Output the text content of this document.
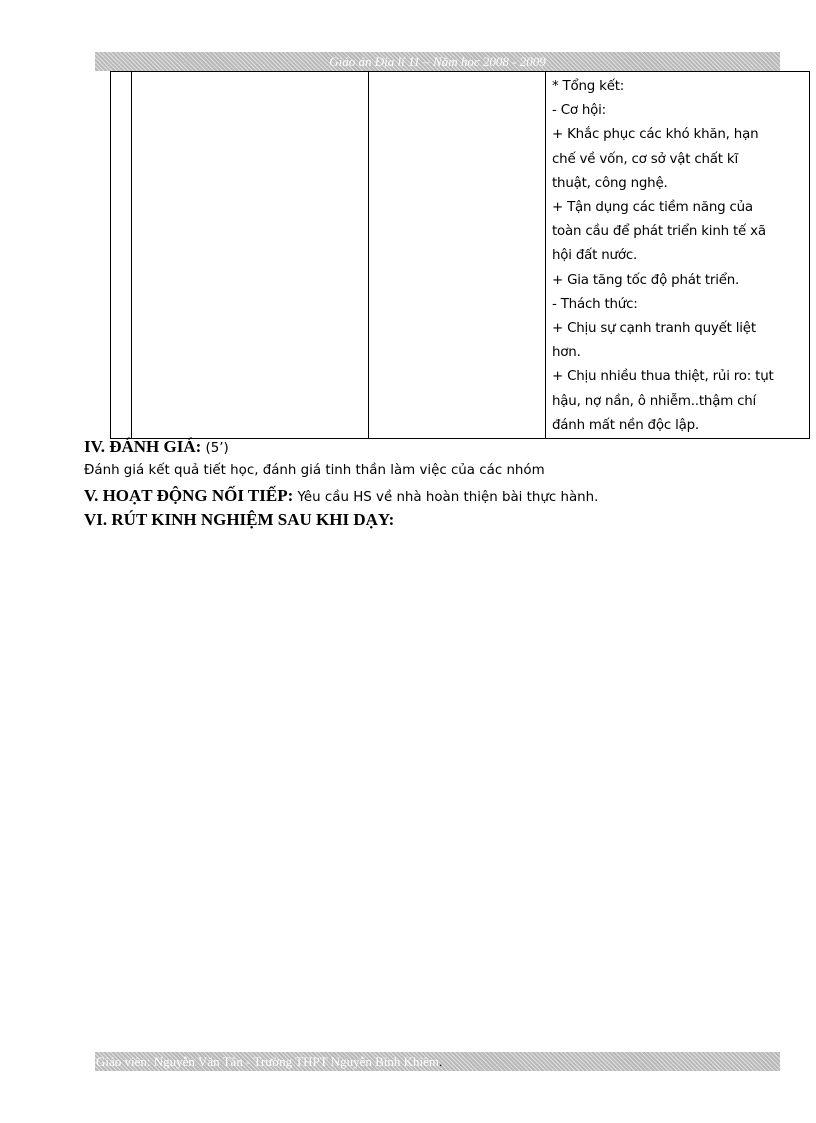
Giáo án Địa lí 11 – Năm học 2008 - 2009

* Tổng kết:
- Cơ hội:
+ Khắc phục các khó khăn, hạn
chế về vốn, cơ sở vật chất kĩ
thuật, công nghệ.
+ Tận dụng các tiềm năng của
toàn cầu để phát triển kinh tế xã
hội đất nước.
+ Gia tăng tốc độ phát triển.
- Thách thức:
+ Chịu sự cạnh tranh quyết liệt
hơn.
+ Chịu nhiều thua thiệt, rủi ro: tụt
hậu, nợ nần, ô nhiễm..thậm chí
đánh mất nền độc lập.
IV. ĐÁNH GIÁ: (5’)
Đánh giá kết quả tiết học, đánh giá tinh thần làm việc của các nhóm
V. HOẠT ĐỘNG NỐI TIẾP: Yêu cầu HS về nhà hoàn thiện bài thực hành.
VI. RÚT KINH NGHIỆM SAU KHI DẠY:
Giáo viên: Nguyễn Văn Tân - Trường THPT Nguyễn Bỉnh Khiêm.
